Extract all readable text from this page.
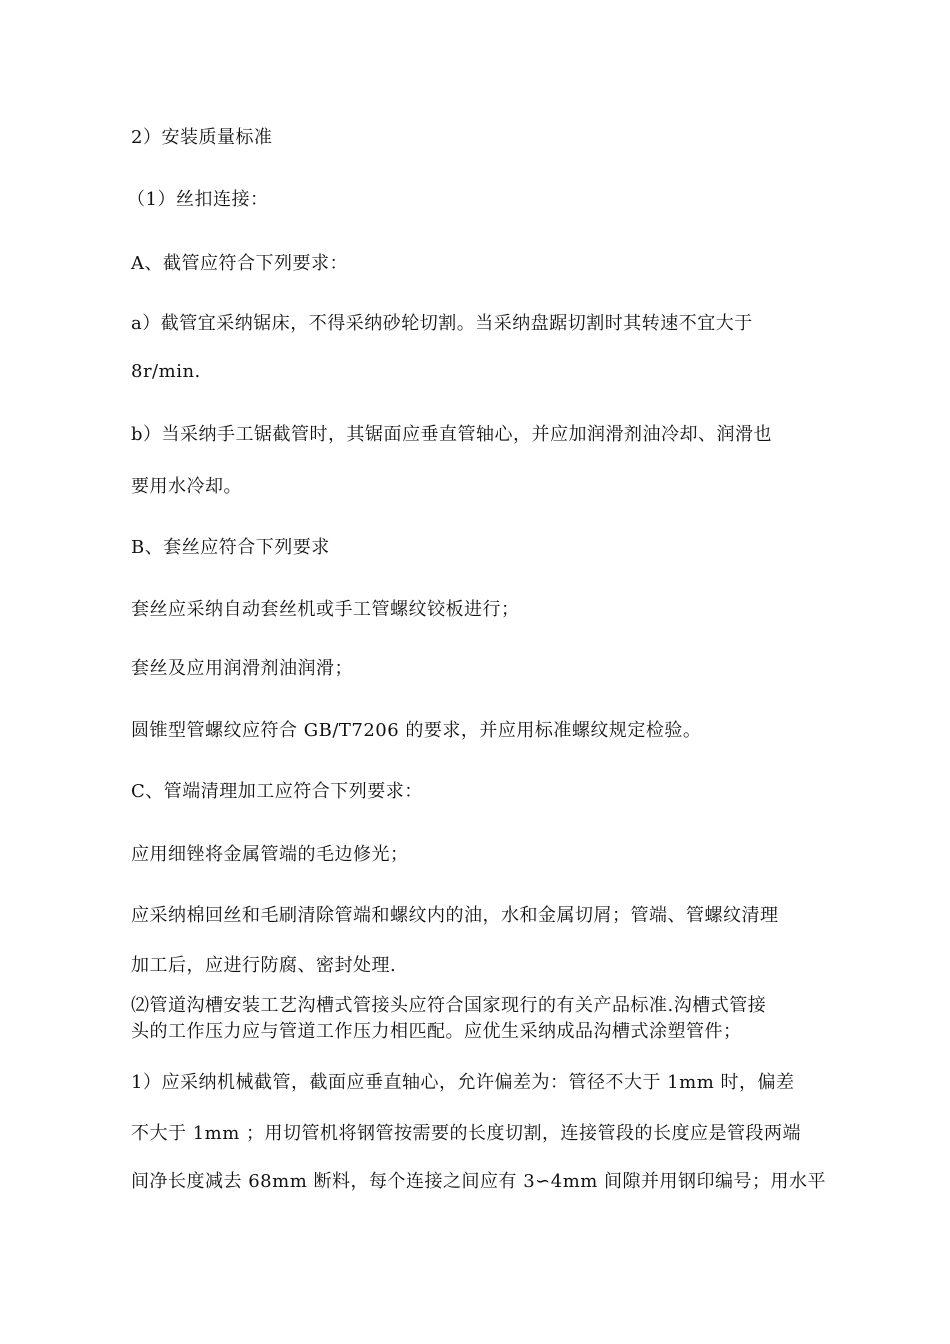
2）安装质量标准
（1）丝扣连接：
A、截管应符合下列要求：
a）截管宜采纳锯床，不得采纳砂轮切割。当采纳盘踞切割时其转速不宜大于
8r/min.
b）当采纳手工锯截管时，其锯面应垂直管轴心，并应加润滑剂油冷却、润滑也
要用水冷却。
B、套丝应符合下列要求
套丝应采纳自动套丝机或手工管螺纹铰板进行；
套丝及应用润滑剂油润滑；
圆锥型管螺纹应符合 GB/T7206 的要求，并应用标准螺纹规定检验。
C、管端清理加工应符合下列要求：
应用细锉将金属管端的毛边修光；
应采纳棉回丝和毛刷清除管端和螺纹内的油，水和金属切屑；管端、管螺纹清理
加工后，应进行防腐、密封处理.
⑵管道沟槽安装工艺沟槽式管接头应符合国家现行的有关产品标准.沟槽式管接
头的工作压力应与管道工作压力相匹配。应优生采纳成品沟槽式涂塑管件；
1）应采纳机械截管，截面应垂直轴心，允许偏差为：管径不大于 1mm 时，偏差
不大于 1mm ；用切管机将钢管按需要的长度切割，连接管段的长度应是管段两端
间净长度减去 68mm 断料，每个连接之间应有 3∽4mm 间隙并用钢印编号；用水平
